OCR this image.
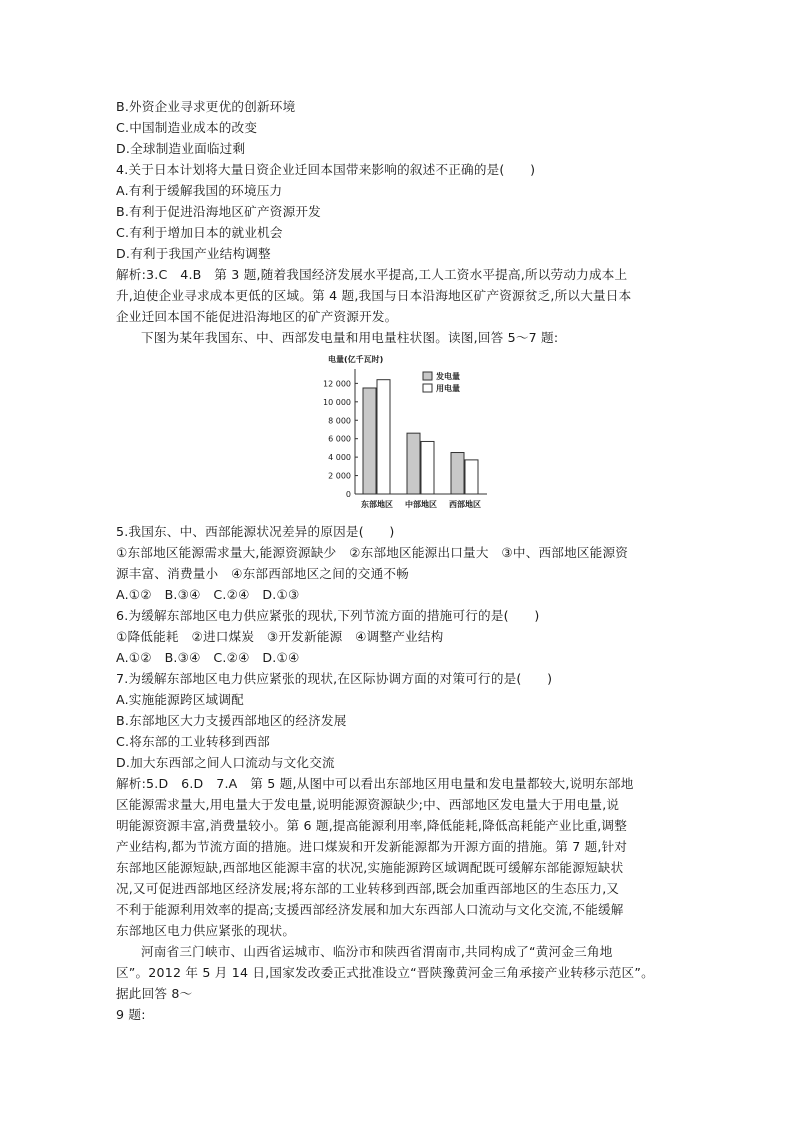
B.外资企业寻求更优的创新环境
C.中国制造业成本的改变
D.全球制造业面临过剩
4.关于日本计划将大量日资企业迁回本国带来影响的叙述不正确的是(　　)
A.有利于缓解我国的环境压力
B.有利于促进沿海地区矿产资源开发
C.有利于增加日本的就业机会
D.有利于我国产业结构调整
解析:3.C　4.B　第 3 题,随着我国经济发展水平提高,工人工资水平提高,所以劳动力成本上
升,迫使企业寻求成本更低的区域。第 4 题,我国与日本沿海地区矿产资源贫乏,所以大量日本
企业迁回本国不能促进沿海地区的矿产资源开发。
下图为某年我国东、中、西部发电量和用电量柱状图。读图,回答 5～7 题:
电量(亿千瓦时)
0
2 000
4 000
6 000
8 000
10 000
12 000
东部地区 中部地区 西部地区
发电量
用电量
5.我国东、中、西部能源状况差异的原因是(　　)
①东部地区能源需求量大,能源资源缺少　②东部地区能源出口量大　③中、西部地区能源资
源丰富、消费量小　④东部西部地区之间的交通不畅
A.①②　B.③④　C.②④　D.①③
6.为缓解东部地区电力供应紧张的现状,下列节流方面的措施可行的是(　　)
①降低能耗　②进口煤炭　③开发新能源　④调整产业结构
A.①②　B.③④　C.②④　D.①④
7.为缓解东部地区电力供应紧张的现状,在区际协调方面的对策可行的是(　　)
A.实施能源跨区域调配
B.东部地区大力支援西部地区的经济发展
C.将东部的工业转移到西部
D.加大东西部之间人口流动与文化交流
解析:5.D　6.D　7.A　第 5 题,从图中可以看出东部地区用电量和发电量都较大,说明东部地
区能源需求量大,用电量大于发电量,说明能源资源缺少;中、西部地区发电量大于用电量,说
明能源资源丰富,消费量较小。第 6 题,提高能源利用率,降低能耗,降低高耗能产业比重,调整
产业结构,都为节流方面的措施。进口煤炭和开发新能源都为开源方面的措施。第 7 题,针对
东部地区能源短缺,西部地区能源丰富的状况,实施能源跨区域调配既可缓解东部能源短缺状
况,又可促进西部地区经济发展;将东部的工业转移到西部,既会加重西部地区的生态压力,又
不利于能源利用效率的提高;支援西部经济发展和加大东西部人口流动与文化交流,不能缓解
东部地区电力供应紧张的现状。
河南省三门峡市、山西省运城市、临汾市和陕西省渭南市,共同构成了“黄河金三角地
区”。2012 年 5 月 14 日,国家发改委正式批准设立“晋陕豫黄河金三角承接产业转移示范区”。
据此回答 8～
9 题:
